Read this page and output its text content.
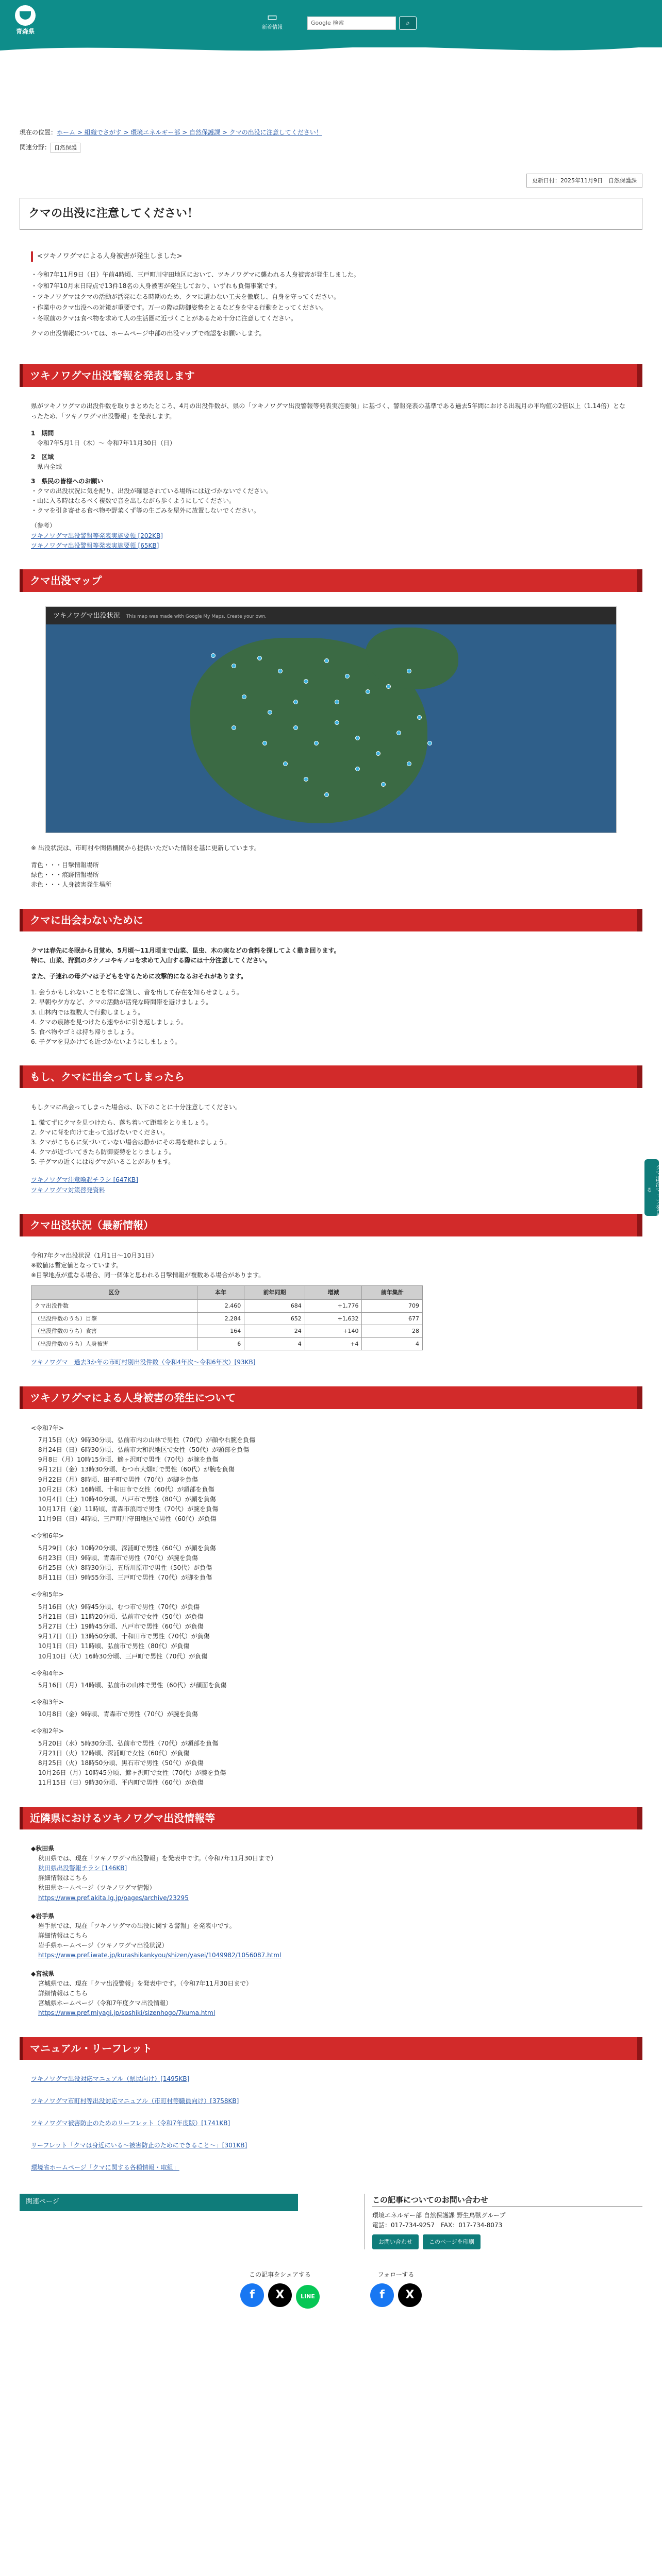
青森県
▭
新着情報
Google 検索	⌕
クマ出没マップを見る
現在の位置：ホーム > 組織でさがす > 環境エネルギー部 > 自然保護課 > クマの出没に注意してください！
関連分野： 自然保護
更新日付：2025年11月9日　自然保護課
クマの出没に注意してください！
<ツキノワグマによる人身被害が発生しました>

・今和7年11月9日（日）午前4時頃、三戸町川守田地区において、ツキノワグマに襲われる人身被害が発生しました。

・令和7年10月末日時点で13件18名の人身被害が発生しており、いずれも負傷事案です。

・ツキノワグマはクマの活動が活発になる時期のため、クマに遭わない工夫を徹底し、自身を守ってください。

・作業中のクマ出没への対策が重要です。万一の際は防御姿勢をとるなど身を守る行動をとってください。

・冬眠前のクマは食べ物を求めて人の生活圏に近づくことがあるため十分に注意してください。

クマの出没情報については、ホームページ中部の出没マップで確認をお願いします。

ツキノワグマ出没警報を発表します

県がツキノワグマの出没件数を取りまとめたところ、4月の出没件数が、県の「ツキノワグマ出没警報等発表実施要領」に基づく、警報発表の基準である過去5年間における出現月の平均値の2倍以上（1.14倍）となったため、「ツキノワグマ出没警報」を発表します。

1　期間

　令和7年5月1日（木）〜 令和7年11月30日（日）

2　区域

　県内全域

3　県民の皆様へのお願い

・クマの出没状況に気を配り、出没が確認されている場所には近づかないでください。

・山に入る時はなるべく複数で音を出しながら歩くようにしてください。

・クマを引き寄せる食べ物や野菜くず等の生ごみを屋外に放置しないでください。

（参考）

ツキノワグマ出没警報等発表実施要領 [202KB]

ツキノワグマ出没警報等発表実施要領 [65KB]

クマ出没マップ
ツキノワグマ出没状況 This map was made with Google My Maps. Create your own.

※ 出没状況は、市町村や関係機関から提供いただいた情報を基に更新しています。

青色・・・目撃情報場所

緑色・・・痕跡情報場所

赤色・・・人身被害発生場所

クマに出会わないために

クマは春先に冬眠から目覚め、5月頃〜11月頃まで山菜、昆虫、木の実などの食料を探してよく動き回ります。

特に、山菜、狩猟のタケノコやキノコを求めて入山する際には十分注意してください。

また、子連れの母グマは子どもを守るために攻撃的になるおそれがあります。

1. 会うかもしれないことを常に意識し、音を出して存在を知らせましょう。

2. 早朝や夕方など、クマの活動が活発な時間帯を避けましょう。

3. 山林内では複数人で行動しましょう。

4. クマの痕跡を見つけたら速やかに引き返しましょう。

5. 食べ物やゴミは持ち帰りましょう。

6. 子グマを見かけても近づかないようにしましょう。

もし、クマに出会ってしまったら

もしクマに出会ってしまった場合は、以下のことに十分注意してください。

1. 慌てずにクマを見つけたら、落ち着いて距離をとりましょう。

2. クマに背を向けて走って逃げないでください。

3. クマがこちらに気づいていない場合は静かにその場を離れましょう。

4. クマが近づいてきたら防御姿勢をとりましょう。

5. 子グマの近くには母グマがいることがあります。

ツキノワグマ注意喚起チラシ [647KB]

ツキノワグマ対策啓発資料

クマ出没状況（最新情報）

令和7年クマ出没状況（1月1日〜10月31日）

※数値は暫定値となっています。

※目撃地点が重なる場合、同一個体と思われる目撃情報が複数ある場合があります。

区分	本年	前年同期	増減	前年集計
クマ出没件数	2,460	684	+1,776	709
（出没件数のうち）目撃	2,284	652	+1,632	677
（出没件数のうち）食害	164	24	+140	28
（出没件数のうち）人身被害	6	4	+4	4

ツキノワグマ　過去3か年の市町村別出没件数（令和4年次〜令和6年次）[93KB]

ツキノワグマによる人身被害の発生について

<令和7年>

7月15日（火）9時30分頃、弘前市内の山林で男性（70代）が顔や右腕を負傷

8月24日（日）6時30分頃、弘前市大和沢地区で女性（50代）が頭部を負傷

9月8日（月）10時15分頃、鰺ヶ沢町で男性（70代）が腕を負傷

9月12日（金）13時30分頃、むつ市大畑町で男性（60代）が腕を負傷

9月22日（月）8時頃、田子町で男性（70代）が脚を負傷

10月2日（木）16時頃、十和田市で女性（60代）が頭部を負傷

10月4日（土）10時40分頃、八戸市で男性（80代）が顔を負傷

10月17日（金）11時頃、青森市浪岡で男性（70代）が腕を負傷

11月9日（日）4時頃、三戸町川守田地区で男性（60代）が負傷

<令和6年>

5月29日（水）10時20分頃、深浦町で男性（60代）が顔を負傷

6月23日（日）9時頃、青森市で男性（70代）が腕を負傷

6月25日（火）8時30分頃、五所川原市で男性（50代）が負傷

8月11日（日）9時55分頃、三戸町で男性（70代）が脚を負傷

<令和5年>

5月16日（火）9時45分頃、むつ市で男性（70代）が負傷

5月21日（日）11時20分頃、弘前市で女性（50代）が負傷

5月27日（土）19時45分頃、八戸市で男性（60代）が負傷

9月17日（日）13時50分頃、十和田市で男性（70代）が負傷

10月1日（日）11時頃、弘前市で男性（80代）が負傷

10月10日（火）16時30分頃、三戸町で男性（70代）が負傷

<令和4年>

5月16日（月）14時頃、弘前市の山林で男性（60代）が顔面を負傷

<令和3年>

10月8日（金）9時頃、青森市で男性（70代）が腕を負傷

<令和2年>

5月20日（水）5時30分頃、弘前市で男性（70代）が頭部を負傷

7月21日（火）12時頃、深浦町で女性（60代）が負傷

8月25日（火）18時50分頃、黒石市で男性（50代）が負傷

10月26日（月）10時45分頃、鰺ヶ沢町で女性（70代）が腕を負傷

11月15日（日）9時30分頃、平内町で男性（60代）が負傷

近隣県におけるツキノワグマ出没情報等

◆秋田県

秋田県では、現在「ツキノワグマ出没警報」を発表中です。（令和7年11月30日まで）

秋田県出没警報チラシ [146KB]

詳細情報はこちら

秋田県ホームページ（ツキノワグマ情報）

https://www.pref.akita.lg.jp/pages/archive/23295

◆岩手県

岩手県では、現在「ツキノワグマの出没に関する警報」を発表中です。

詳細情報はこちら

岩手県ホームページ（ツキノワグマ出没状況）

https://www.pref.iwate.jp/kurashikankyou/shizen/yasei/1049982/1056087.html

◆宮城県

宮城県では、現在「クマ出没警報」を発表中です。（令和7年11月30日まで）

詳細情報はこちら

宮城県ホームページ（令和7年度クマ出没情報）

https://www.pref.miyagi.jp/soshiki/sizenhogo/7kuma.html
マニュアル・リーフレット

ツキノワグマ出没対応マニュアル（県民向け）[1495KB]

ツキノワグマ市町村等出没対応マニュアル（市町村等職員向け）[3758KB]

ツキノワグマ被害防止のためのリーフレット（令和7年度版）[1741KB]

リーフレット「クマは身近にいる〜被害防止のためにできること〜」[301KB]

環境省ホームページ「クマに関する各種情報・取組」

関連ページ	この記事についてのお問い合わせ
環境エネルギー部 自然保護課 野生鳥獣グループ
電話：017-734-9257　FAX：017-734-8073
お問い合わせ	このページを印刷
この記事をシェアする
f X	LINE
フォローする
f X
